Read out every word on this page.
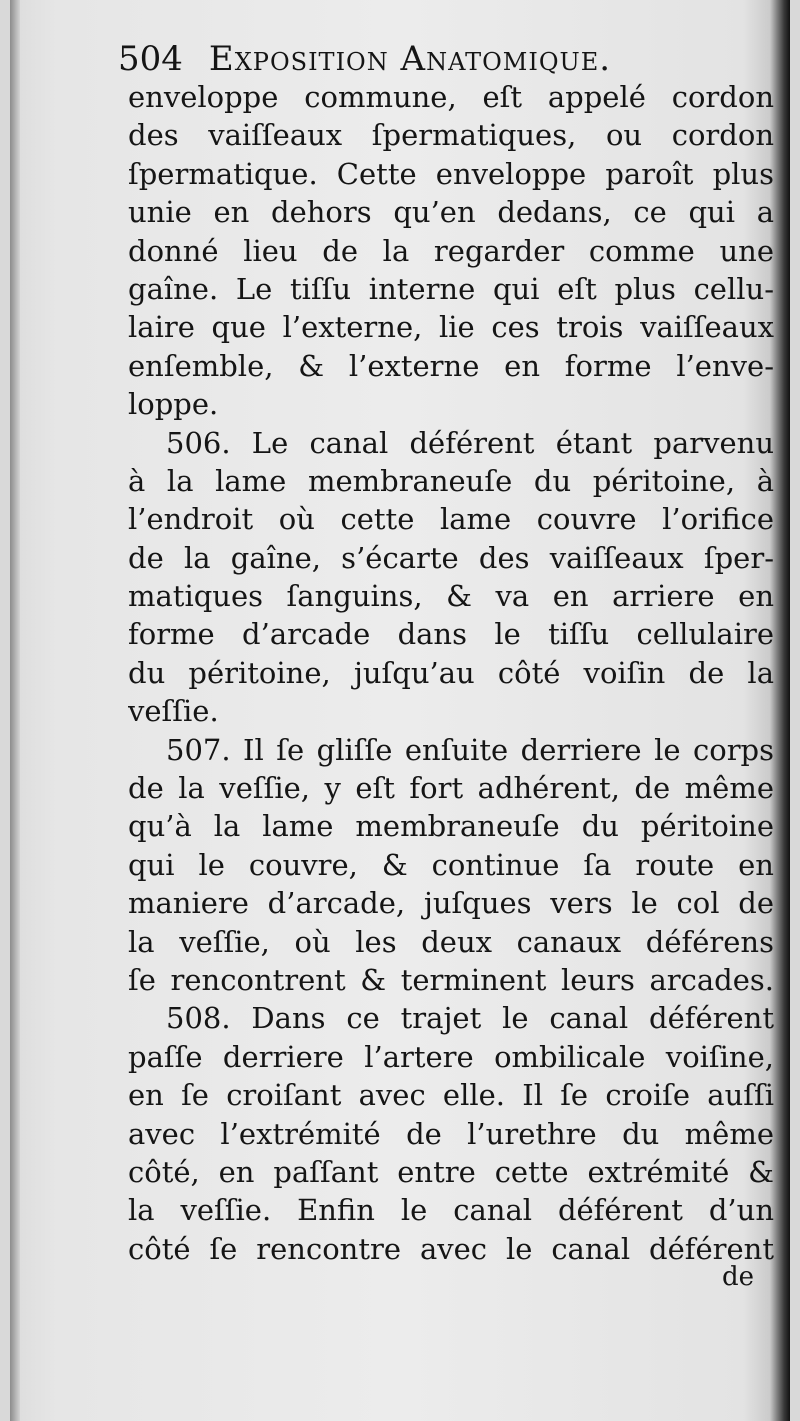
504 Exposition Anatomique.
enveloppe commune, eſt appelé cordon
des vaiſſeaux ſpermatiques, ou cordon
ſpermatique. Cette enveloppe paroît plus
unie en dehors qu’en dedans, ce qui a
donné lieu de la regarder comme une
gaîne. Le tiſſu interne qui eſt plus cellu-
laire que l’externe, lie ces trois vaiſſeaux
enſemble, & l’externe en forme l’enve-
loppe.
506. Le canal déférent étant parvenu
à la lame membraneuſe du péritoine, à
l’endroit où cette lame couvre l’orifice
de la gaîne, s’écarte des vaiſſeaux ſper-
matiques ſanguins, & va en arriere en
forme d’arcade dans le tiſſu cellulaire
du péritoine, juſqu’au côté voiſin de la
veſſie.
507. Il ſe gliſſe enſuite derriere le corps
de la veſſie, y eſt fort adhérent, de même
qu’à la lame membraneuſe du péritoine
qui le couvre, & continue ſa route en
maniere d’arcade, juſques vers le col de
la veſſie, où les deux canaux déférens
ſe rencontrent & terminent leurs arcades.
508. Dans ce trajet le canal déférent
paſſe derriere l’artere ombilicale voiſine,
en ſe croiſant avec elle. Il ſe croiſe auſſi
avec l’extrémité de l’urethre du même
côté, en paſſant entre cette extrémité &
la veſſie. Enfin le canal déférent d’un
côté ſe rencontre avec le canal déférent
de
